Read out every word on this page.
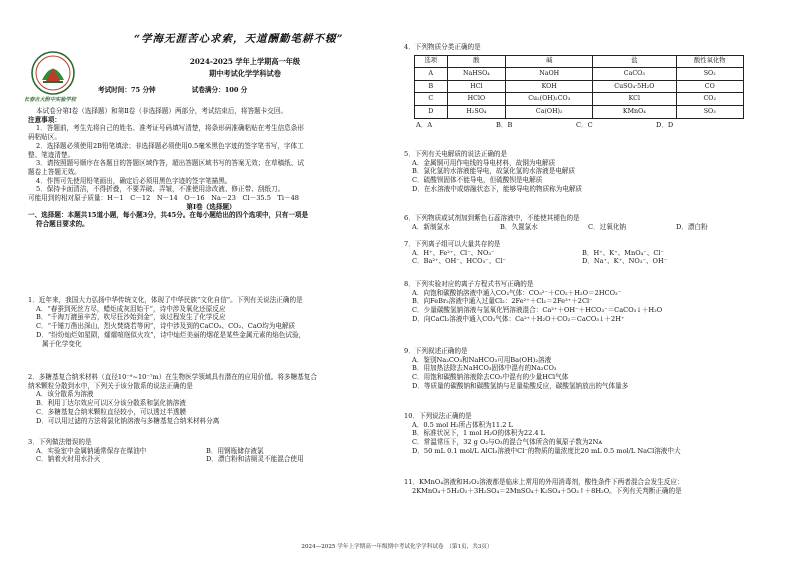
“学海无涯苦心求索，天道酬勤笔耕不辍”
长春吉大附中实验学校
2024-2025 学年上学期高一年级
期中考试化学学科试卷
考试时间：75 分钟	试卷满分：100 分
本试卷分第Ⅰ卷（选择题）和第Ⅱ卷（非选择题）两部分，考试结束后，将答题卡交回。
注意事项：
1．答题前，考生先将自己的姓名、准考证号码填写清楚，将条形码准确粘贴在考生信息条形
码粘贴区。
2．选择题必须使用2B铅笔填涂；非选择题必须使用0.5毫米黑色字迹的签字笔书写，字体工
整、笔迹清楚。
3．请按照题号顺序在各题目的答题区域作答，超出答题区域书写的答案无效；在草稿纸、试
题卷上答题无效。
4．作图可先使用铅笔画出，确定后必须用黑色字迹的签字笔描黑。
5．保持卡面清洁，不得折叠，不要弄破、弄皱，不准使用涂改液、修正带、刮纸刀。
可能用到的相对原子质量：H－1　C－12　N－14　O－16　Na－23　Cl－35.5　Ti－48
第Ⅰ卷（选择题）
一、选择题：本题共15道小题，每小题3分，共45分。在每小题给出的四个选项中，只有一项是
符合题目要求的。
1．近年来，我国大力弘扬中华传统文化，体现了中华民族“文化自信”。下列有关说法正确的是
A．“春蚕到死丝方尽，蜡炬成灰泪始干”，诗中涉及氧化还原反应
B．“千淘万漉虽辛苦，吹尽狂沙始到金”，该过程发生了化学反应
C．“千锤万凿出深山，烈火焚烧若等闲”，诗中涉及到的CaCO₃、CO₂、CaO均为电解质
D．“纷纷灿烂如星陨，㸌㸌喧豗似火攻”，诗中灿烂美丽的烟花是某些金属元素的焰色试验，
属于化学变化
2．多糖基复合纳米材料（直径10⁻⁹~10⁻⁷m）在生物医学领域具有潜在的应用价值。将多糖基复合
纳米颗粒分散到水中，下列关于该分散系的说法正确的是
A．该分散系为溶液
B．利用丁达尔效应可以区分该分散系和氯化钠溶液
C．多糖基复合纳米颗粒直径较小，可以透过半透膜
D．可以用过滤的方法将氯化钠溶液与多糖基复合纳米材料分离
3．下列做法错误的是
A．实验室中金属钠通常保存在煤油中	B．用钢瓶储存液氯
C．钠着火时用水扑灭	D．漂白粉和洁厕灵不能混合使用
4．下列物质分类正确的是
选项	酸	碱	盐	酸性氧化物
A	NaHSO₄	NaOH	CaCO₃	SO₂
B	HCl	KOH	CuSO₄·5H₂O	CO
C	HClO	Cu₂(OH)₂CO₃	KCl	CO₂
D	H₂SO₄	Ca(OH)₂	KMnO₄	SO₃
A．A	B．B	C．C	D．D
5．下列有关电解质的说法正确的是
A．金属铜可用作电线的导电材料，故铜为电解质
B．氯化氢的水溶液能导电，故氯化氢的水溶液是电解质
C．硫酸钡固体不能导电，但硫酸钡是电解质
D．在水溶液中或熔融状态下，能够导电的物质称为电解质
6．下列物质或试剂加到紫色石蕊溶液中，不能使其褪色的是
A．新制氯水	B．久置氯水	C．过氧化钠	D．漂白粉
7．下列离子组可以大量共存的是
A．H⁺、Fe²⁺、Cl⁻、NO₃⁻	B．H⁺、K⁺、MnO₄⁻、Cl⁻
C．Ba²⁺、OH⁻、HCO₃⁻、Cl⁻	D．Na⁺、K⁺、NO₃⁻、OH⁻
8．下列实验对应的离子方程式书写正确的是
A．向饱和碳酸钠溶液中通入CO₂气体：CO₃²⁻＋CO₂＋H₂O＝2HCO₃⁻
B．向FeBr₂溶液中通入过量Cl₂：2Fe²⁺＋Cl₂＝2Fe³⁺＋2Cl⁻
C．少量碳酸氢钠溶液与氢氧化钙溶液混合：Ca²⁺＋OH⁻＋HCO₃⁻＝CaCO₃↓＋H₂O
D．向CaCl₂溶液中通入CO₂气体：Ca²⁺＋H₂O＋CO₂＝CaCO₃↓＋2H⁺
9．下列叙述正确的是
A．鉴别Na₂CO₃和NaHCO₃可用Ba(OH)₂溶液
B．用加热法除去NaHCO₃固体中混有的Na₂CO₃
C．用饱和碳酸钠溶液除去CO₂中混有的少量HCl气体
D．等质量的碳酸钠和碳酸氢钠与足量盐酸反应，碳酸氢钠放出的气体量多
10．下列说法正确的是
A．0.5 mol H₂所占体积为11.2 L
B．标准状况下，1 mol H₂O的体积为22.4 L
C．常温常压下，32 g O₂与O₃的混合气体所含的氧原子数为2Nᴀ
D．50 mL 0.1 mol/L AlCl₃溶液中Cl⁻的物质的量浓度比20 mL 0.5 mol/L NaCl溶液中大
11．KMnO₄溶液和H₂O₂溶液都是临床上常用的外用消毒剂，酸性条件下两者混合会发生反应：
2KMnO₄＋5H₂O₂＋3H₂SO₄＝2MnSO₄＋K₂SO₄＋5O₂↑＋8H₂O。下列有关判断正确的是
2024—2025 学年上学期高一年级期中考试化学学科试卷　（第1页，共3页）
